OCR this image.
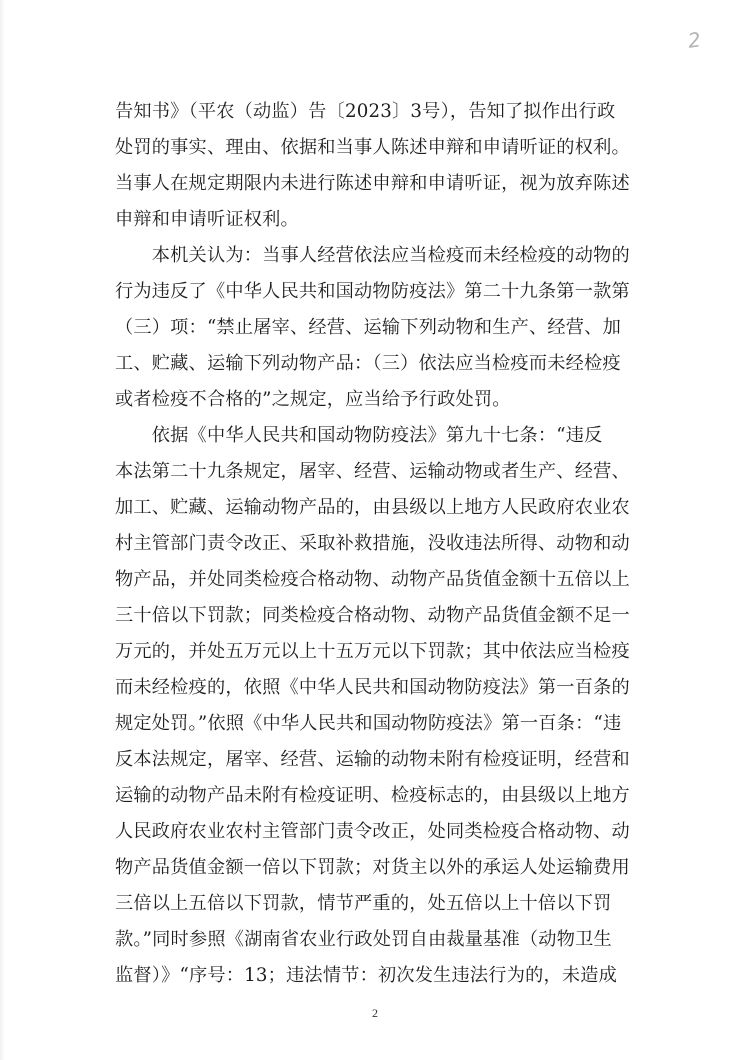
2
告知书》（平农（动监）告〔2023〕3号），告知了拟作出行政
处罚的事实、理由、依据和当事人陈述申辩和申请听证的权利。
当事人在规定期限内未进行陈述申辩和申请听证，视为放弃陈述
申辩和申请听证权利。
　　本机关认为：当事人经营依法应当检疫而未经检疫的动物的
行为违反了《中华人民共和国动物防疫法》第二十九条第一款第
（三）项：“禁止屠宰、经营、运输下列动物和生产、经营、加
工、贮藏、运输下列动物产品：（三）依法应当检疫而未经检疫
或者检疫不合格的”之规定，应当给予行政处罚。
　　依据《中华人民共和国动物防疫法》第九十七条：“违反
本法第二十九条规定，屠宰、经营、运输动物或者生产、经营、
加工、贮藏、运输动物产品的，由县级以上地方人民政府农业农
村主管部门责令改正、采取补救措施，没收违法所得、动物和动
物产品，并处同类检疫合格动物、动物产品货值金额十五倍以上
三十倍以下罚款；同类检疫合格动物、动物产品货值金额不足一
万元的，并处五万元以上十五万元以下罚款；其中依法应当检疫
而未经检疫的，依照《中华人民共和国动物防疫法》第一百条的
规定处罚。”依照《中华人民共和国动物防疫法》第一百条：“违
反本法规定，屠宰、经营、运输的动物未附有检疫证明，经营和
运输的动物产品未附有检疫证明、检疫标志的，由县级以上地方
人民政府农业农村主管部门责令改正，处同类检疫合格动物、动
物产品货值金额一倍以下罚款；对货主以外的承运人处运输费用
三倍以上五倍以下罚款，情节严重的，处五倍以上十倍以下罚
款。”同时参照《湖南省农业行政处罚自由裁量基准（动物卫生
监督）》“序号：13；违法情节：初次发生违法行为的，未造成
2
